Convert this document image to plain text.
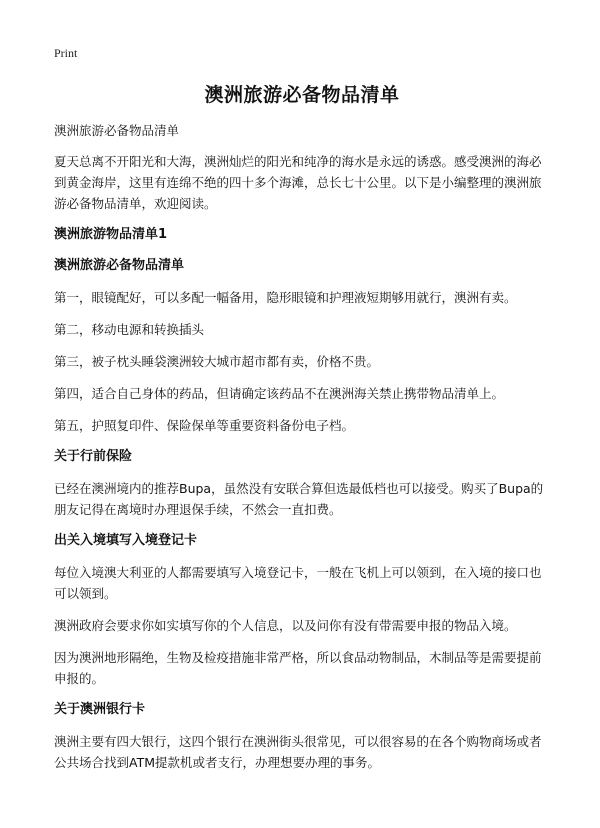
Print
澳洲旅游必备物品清单

澳洲旅游必备物品清单

夏天总离不开阳光和大海，澳洲灿烂的阳光和纯净的海水是永远的诱惑。感受澳洲的海必到黄金海岸，这里有连绵不绝的四十多个海滩，总长七十公里。以下是小编整理的澳洲旅游必备物品清单，欢迎阅读。

澳洲旅游物品清单1
澳洲旅游必备物品清单

第一，眼镜配好，可以多配一幅备用，隐形眼镜和护理液短期够用就行，澳洲有卖。

第二，移动电源和转换插头

第三，被子枕头睡袋澳洲较大城市超市都有卖，价格不贵。

第四，适合自己身体的药品，但请确定该药品不在澳洲海关禁止携带物品清单上。

第五，护照复印件、保险保单等重要资料备份电子档。

关于行前保险

已经在澳洲境内的推荐Bupa，虽然没有安联合算但选最低档也可以接受。购买了Bupa的朋友记得在离境时办理退保手续，不然会一直扣费。

出关入境填写入境登记卡

每位入境澳大利亚的人都需要填写入境登记卡，一般在飞机上可以领到，在入境的接口也可以领到。

澳洲政府会要求你如实填写你的个人信息，以及问你有没有带需要申报的物品入境。

因为澳洲地形隔绝，生物及检疫措施非常严格，所以食品动物制品，木制品等是需要提前申报的。

关于澳洲银行卡

澳洲主要有四大银行，这四个银行在澳洲街头很常见，可以很容易的在各个购物商场或者公共场合找到ATM提款机或者支行，办理想要办理的事务。
